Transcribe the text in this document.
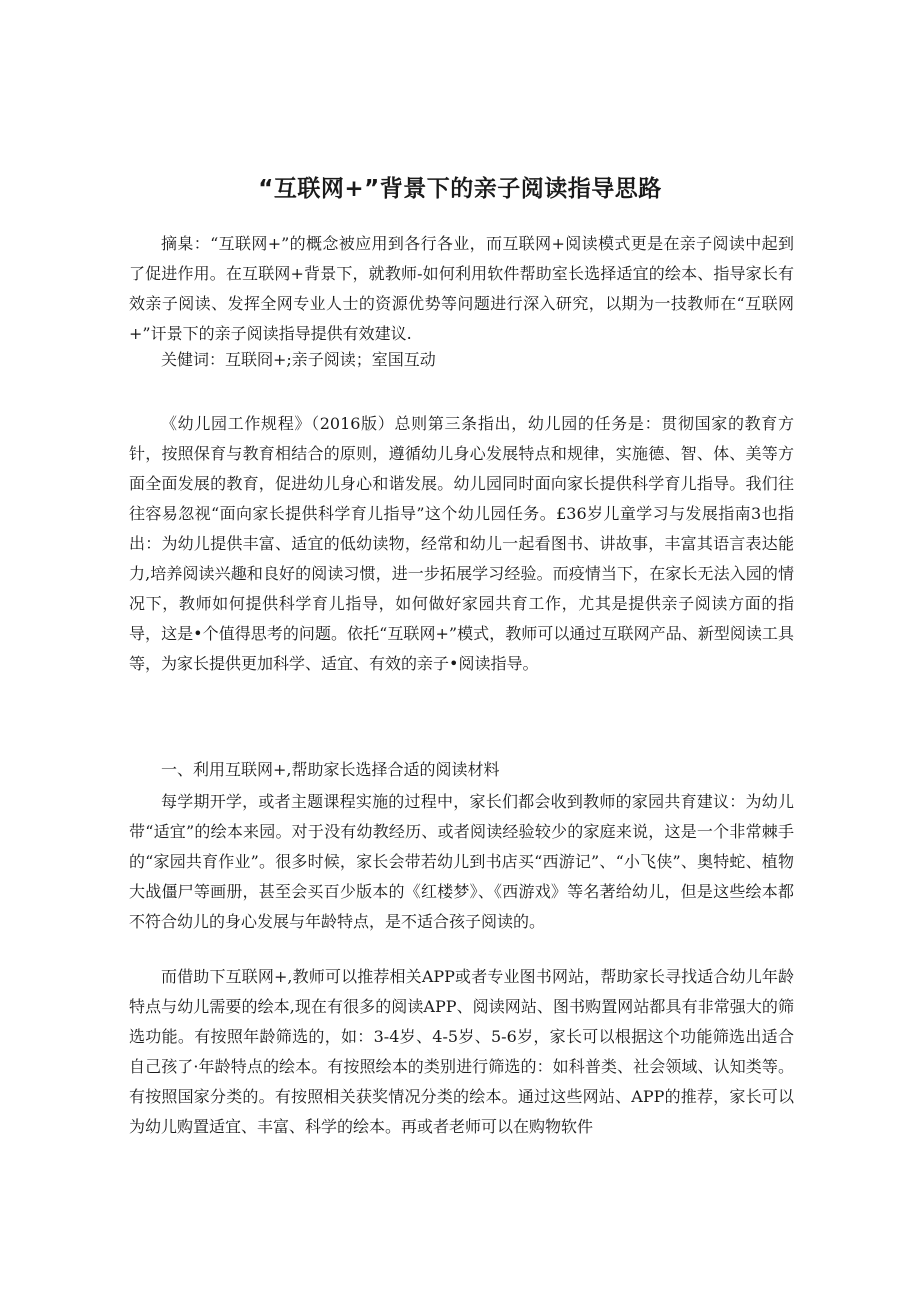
“互联网+”背景下的亲子阅读指导思路

摘臬：“互联网+”的概念被应用到各行各业，而互联网+阅读模式更是在亲子阅读中起到了促进作用。在互联网+背景下，就教师-如何利用软件帮助室长选择适宜的绘本、指导家长有效亲子阅读、发挥全网专业人士的资源优势等问题进行深入研究，以期为一技教师在“互联网+”讦景下的亲子阅读指导提供有效建议.

关健词：互联冏+;亲子阅读；室国互动

《幼儿园工作规程》（2016版）总则第三条指出，幼儿园的任务是：贯彻国家的教育方针，按照保育与教育相结合的原则，遵循幼儿身心发展特点和规律，实施德、智、体、美等方面全面发展的教育，促进幼儿身心和谐发展。幼儿园同时面向家长提供科学育儿指导。我们往往容易忽视“面向家长提供科学育儿指导”这个幼儿园任务。£36岁儿童学习与发展指南3也指出：为幼儿提供丰富、适宜的低幼读物，经常和幼儿一起看图书、讲故事，丰富其语言表达能力,培养阅读兴趣和良好的阅读习惯，进一步拓展学习经验。而疫情当下，在家长无法入园的情况下，教师如何提供科学育儿指导，如何做好家园共育工作，尤其是提供亲子阅读方面的指导，这是•个值得思考的问题。依托“互联网+”模式，教师可以通过互联网产品、新型阅读工具等，为家长提供更加科学、适宜、有效的亲子•阅读指导。

一、利用互联网+,帮助家长选择合适的阅读材料

每学期开学，或者主题课程实施的过程中，家长们都会收到教师的家园共育建议：为幼儿带“适宜”的绘本来园。对于没有幼教经历、或者阅读经验较少的家庭来说，这是一个非常棘手的“家园共育作业”。很多时候，家长会带若幼儿到书店买“西游记”、“小飞侠”、奥特蛇、植物大战僵尸等画册，甚至会买百少版本的《红楼梦》、《西游戏》等名著给幼儿，但是这些绘本都不符合幼儿的身心发展与年龄特点，是不适合孩子阅读的。

而借助下互联网+,教师可以推荐相关APP或者专业图书网站，帮助家长寻找适合幼儿年龄特点与幼儿需要的绘本,现在有很多的阅读APP、阅读网站、图书购置网站都具有非常强大的筛选功能。有按照年龄筛选的，如：3-4岁、4-5岁、5-6岁，家长可以根据这个功能筛选出适合自己孩了·年龄特点的绘本。有按照绘本的类别进行筛选的：如科普类、社会领域、认知类等。有按照国家分类的。有按照相关获奖情况分类的绘本。通过这些网站、APP的推荐，家长可以为幼儿购置适宜、丰富、科学的绘本。再或者老师可以在购物软件
